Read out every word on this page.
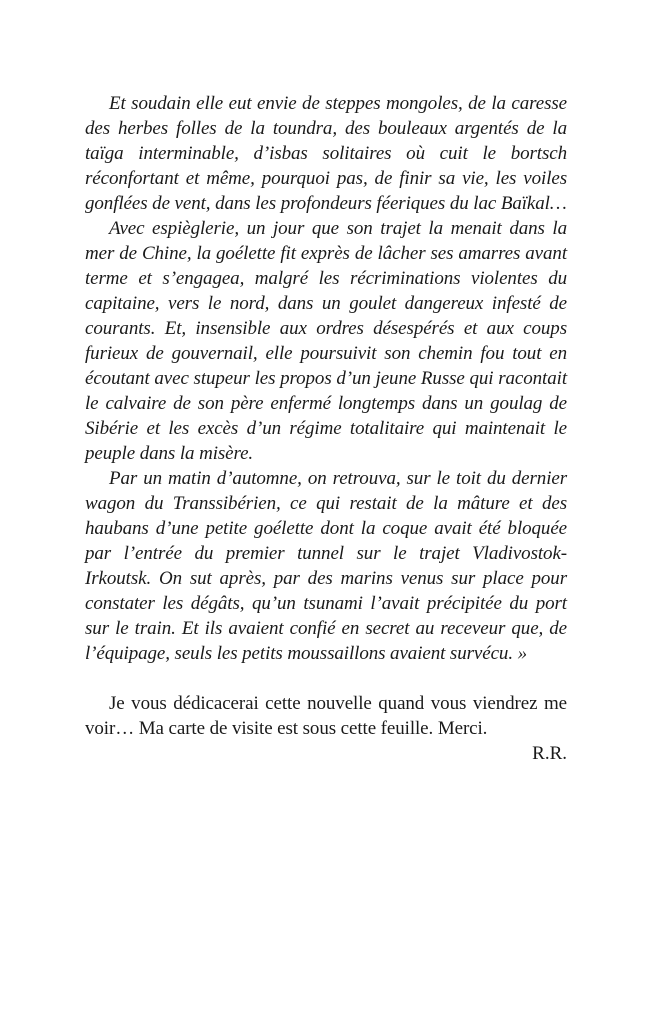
Et soudain elle eut envie de steppes mongoles, de la caresse des herbes folles de la toundra, des bouleaux argentés de la taïga interminable, d’isbas solitaires où cuit le bortsch réconfortant et même, pourquoi pas, de finir sa vie, les voiles gonflées de vent, dans les profondeurs féeriques du lac Baïkal…

Avec espièglerie, un jour que son trajet la menait dans la mer de Chine, la goélette fit exprès de lâcher ses amarres avant terme et s’engagea, malgré les récriminations violentes du capitaine, vers le nord, dans un goulet dangereux infesté de courants. Et, insensible aux ordres désespérés et aux coups furieux de gouvernail, elle poursuivit son chemin fou tout en écoutant avec stupeur les propos d’un jeune Russe qui racontait le calvaire de son père enfermé longtemps dans un goulag de Sibérie et les excès d’un régime totalitaire qui maintenait le peuple dans la misère.

Par un matin d’automne, on retrouva, sur le toit du dernier wagon du Transsibérien, ce qui restait de la mâture et des haubans d’une petite goélette dont la coque avait été bloquée par l’entrée du premier tunnel sur le trajet Vladivostok-Irkoutsk. On sut après, par des marins venus sur place pour constater les dégâts, qu’un tsunami l’avait précipitée du port sur le train. Et ils avaient confié en secret au receveur que, de l’équipage, seuls les petits moussaillons avaient survécu. »

Je vous dédicacerai cette nouvelle quand vous viendrez me voir… Ma carte de visite est sous cette feuille. Merci.

R.R.
